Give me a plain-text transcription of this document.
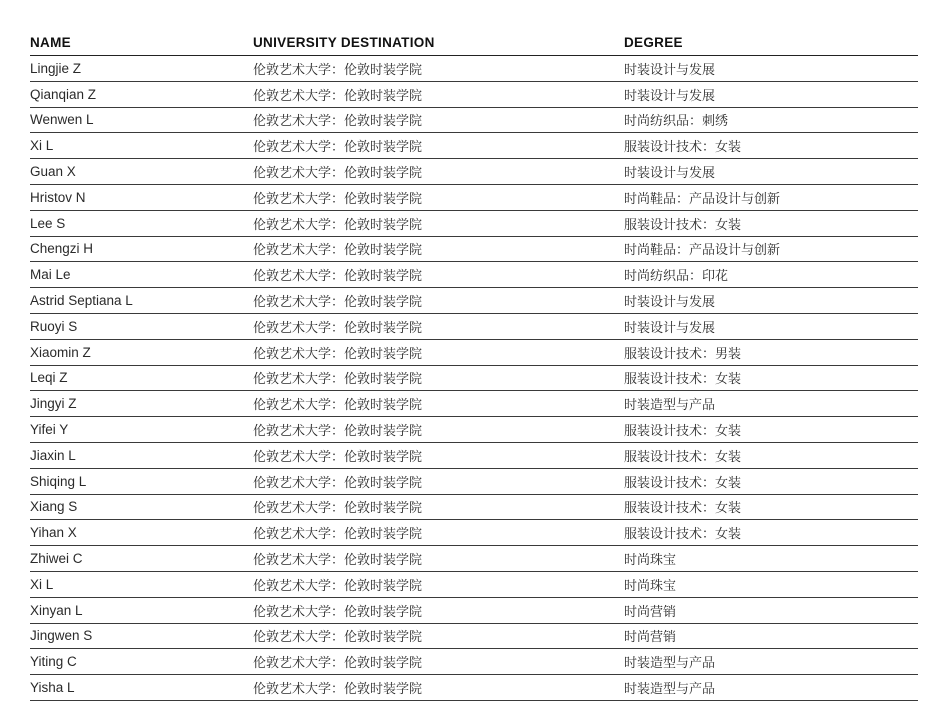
NAME	UNIVERSITY DESTINATION	DEGREE
Lingjie Z	伦敦艺术大学：伦敦时装学院	时装设计与发展
Qianqian Z	伦敦艺术大学：伦敦时装学院	时装设计与发展
Wenwen L	伦敦艺术大学：伦敦时装学院	时尚纺织品：刺绣
Xi L	伦敦艺术大学：伦敦时装学院	服装设计技术：女装
Guan X	伦敦艺术大学：伦敦时装学院	时装设计与发展
Hristov N	伦敦艺术大学：伦敦时装学院	时尚鞋品：产品设计与创新
Lee S	伦敦艺术大学：伦敦时装学院	服装设计技术：女装
Chengzi H	伦敦艺术大学：伦敦时装学院	时尚鞋品：产品设计与创新
Mai Le	伦敦艺术大学：伦敦时装学院	时尚纺织品：印花
Astrid Septiana L	伦敦艺术大学：伦敦时装学院	时装设计与发展
Ruoyi S	伦敦艺术大学：伦敦时装学院	时装设计与发展
Xiaomin Z	伦敦艺术大学：伦敦时装学院	服装设计技术：男装
Leqi Z	伦敦艺术大学：伦敦时装学院	服装设计技术：女装
Jingyi Z	伦敦艺术大学：伦敦时装学院	时装造型与产品
Yifei Y	伦敦艺术大学：伦敦时装学院	服装设计技术：女装
Jiaxin L	伦敦艺术大学：伦敦时装学院	服装设计技术：女装
Shiqing L	伦敦艺术大学：伦敦时装学院	服装设计技术：女装
Xiang S	伦敦艺术大学：伦敦时装学院	服装设计技术：女装
Yihan X	伦敦艺术大学：伦敦时装学院	服装设计技术：女装
Zhiwei C	伦敦艺术大学：伦敦时装学院	时尚珠宝
Xi L	伦敦艺术大学：伦敦时装学院	时尚珠宝
Xinyan L	伦敦艺术大学：伦敦时装学院	时尚营销
Jingwen S	伦敦艺术大学：伦敦时装学院	时尚营销
Yiting C	伦敦艺术大学：伦敦时装学院	时装造型与产品
Yisha L	伦敦艺术大学：伦敦时装学院	时装造型与产品
